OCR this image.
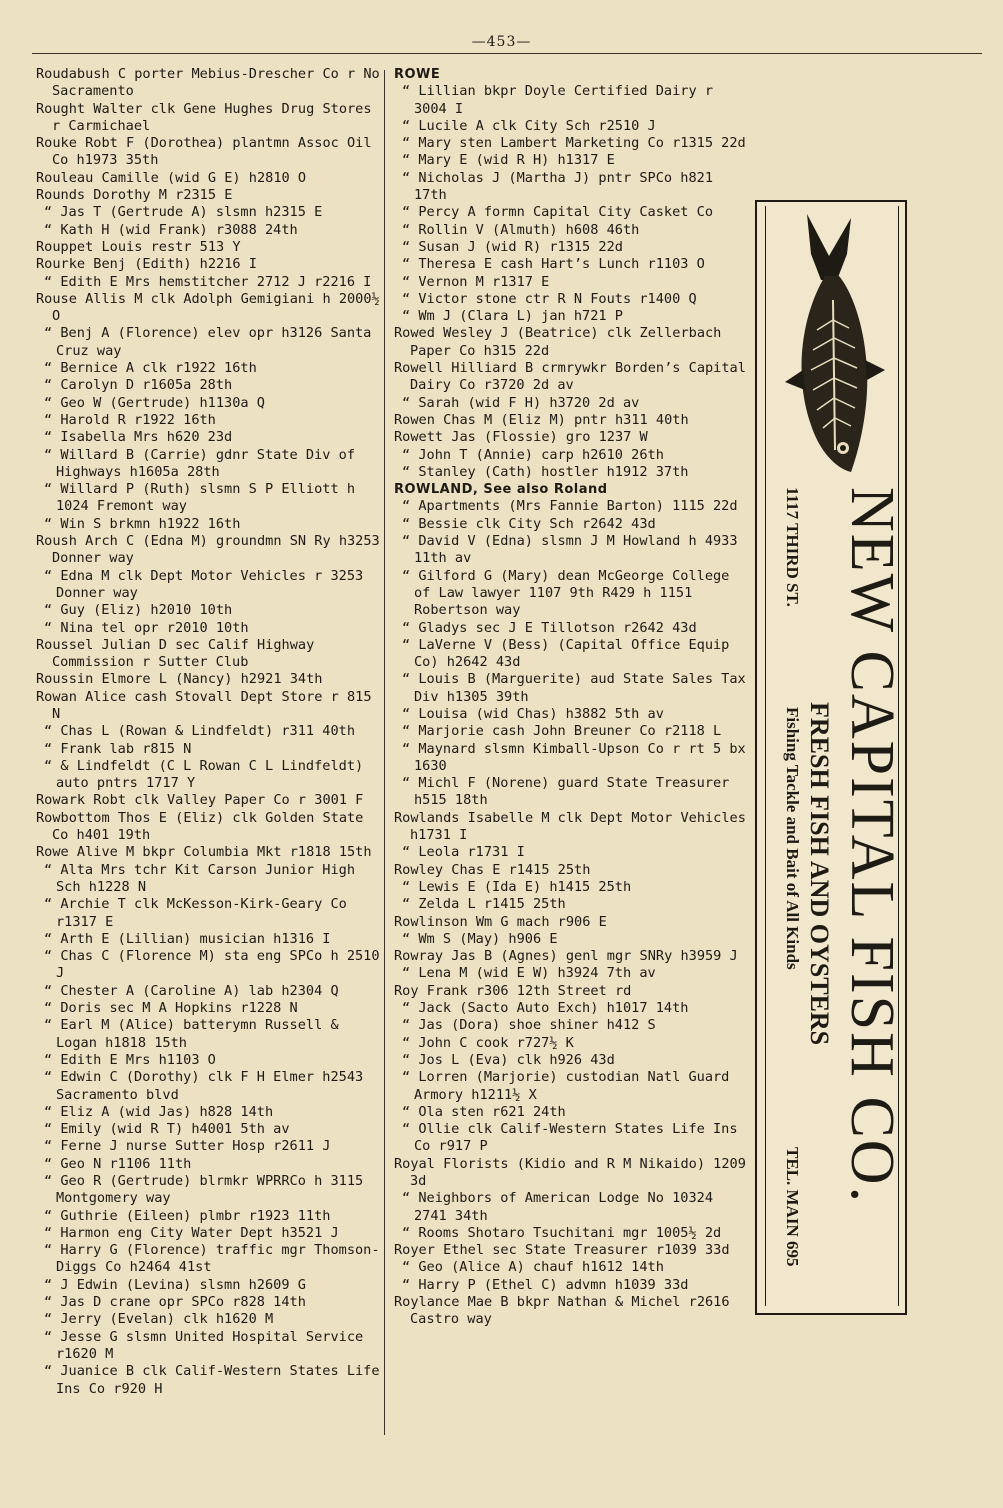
—453—
Roudabush C porter Mebius-Drescher Co r No Sacramento
Rought Walter clk Gene Hughes Drug Stores r Carmichael
Rouke Robt F (Dorothea) plantmn Assoc Oil Co h1973 35th
Rouleau Camille (wid G E) h2810 O
Rounds Dorothy M r2315 E
“ Jas T (Gertrude A) slsmn h2315 E
“ Kath H (wid Frank) r3088 24th
Rouppet Louis restr 513 Y
Rourke Benj (Edith) h2216 I
“ Edith E Mrs hemstitcher 2712 J r2216 I
Rouse Allis M clk Adolph Gemigiani h 2000½ O
“ Benj A (Florence) elev opr h3126 Santa Cruz way
“ Bernice A clk r1922 16th
“ Carolyn D r1605a 28th
“ Geo W (Gertrude) h1130a Q
“ Harold R r1922 16th
“ Isabella Mrs h620 23d
“ Willard B (Carrie) gdnr State Div of Highways h1605a 28th
“ Willard P (Ruth) slsmn S P Elliott h 1024 Fremont way
“ Win S brkmn h1922 16th
Roush Arch C (Edna M) groundmn SN Ry h3253 Donner way
“ Edna M clk Dept Motor Vehicles r 3253 Donner way
“ Guy (Eliz) h2010 10th
“ Nina tel opr r2010 10th
Roussel Julian D sec Calif Highway Commission r Sutter Club
Roussin Elmore L (Nancy) h2921 34th
Rowan Alice cash Stovall Dept Store r 815 N
“ Chas L (Rowan & Lindfeldt) r311 40th
“ Frank lab r815 N
“ & Lindfeldt (C L Rowan C L Lindfeldt) auto pntrs 1717 Y
Rowark Robt clk Valley Paper Co r 3001 F
Rowbottom Thos E (Eliz) clk Golden State Co h401 19th
Rowe Alive M bkpr Columbia Mkt r1818 15th
“ Alta Mrs tchr Kit Carson Junior High Sch h1228 N
“ Archie T clk McKesson-Kirk-Geary Co r1317 E
“ Arth E (Lillian) musician h1316 I
“ Chas C (Florence M) sta eng SPCo h 2510 J
“ Chester A (Caroline A) lab h2304 Q
“ Doris sec M A Hopkins r1228 N
“ Earl M (Alice) batterymn Russell & Logan h1818 15th
“ Edith E Mrs h1103 O
“ Edwin C (Dorothy) clk F H Elmer h2543 Sacramento blvd
“ Eliz A (wid Jas) h828 14th
“ Emily (wid R T) h4001 5th av
“ Ferne J nurse Sutter Hosp r2611 J
“ Geo N r1106 11th
“ Geo R (Gertrude) blrmkr WPRRCo h 3115 Montgomery way
“ Guthrie (Eileen) plmbr r1923 11th
“ Harmon eng City Water Dept h3521 J
“ Harry G (Florence) traffic mgr Thomson-Diggs Co h2464 41st
“ J Edwin (Levina) slsmn h2609 G
“ Jas D crane opr SPCo r828 14th
“ Jerry (Evelan) clk h1620 M
“ Jesse G slsmn United Hospital Service r1620 M
“ Juanice B clk Calif-Western States Life Ins Co r920 H
ROWE
“ Lillian bkpr Doyle Certified Dairy r 3004 I
“ Lucile A clk City Sch r2510 J
“ Mary sten Lambert Marketing Co r1315 22d
“ Mary E (wid R H) h1317 E
“ Nicholas J (Martha J) pntr SPCo h821 17th
“ Percy A formn Capital City Casket Co
“ Rollin V (Almuth) h608 46th
“ Susan J (wid R) r1315 22d
“ Theresa E cash Hart’s Lunch r1103 O
“ Vernon M r1317 E
“ Victor stone ctr R N Fouts r1400 Q
“ Wm J (Clara L) jan h721 P
Rowed Wesley J (Beatrice) clk Zellerbach Paper Co h315 22d
Rowell Hilliard B crmrywkr Borden’s Capital Dairy Co r3720 2d av
“ Sarah (wid F H) h3720 2d av
Rowen Chas M (Eliz M) pntr h311 40th
Rowett Jas (Flossie) gro 1237 W
“ John T (Annie) carp h2610 26th
“ Stanley (Cath) hostler h1912 37th
ROWLAND, See also Roland
“ Apartments (Mrs Fannie Barton) 1115 22d
“ Bessie clk City Sch r2642 43d
“ David V (Edna) slsmn J M Howland h 4933 11th av
“ Gilford G (Mary) dean McGeorge College of Law lawyer 1107 9th R429 h 1151 Robertson way
“ Gladys sec J E Tillotson r2642 43d
“ LaVerne V (Bess) (Capital Office Equip Co) h2642 43d
“ Louis B (Marguerite) aud State Sales Tax Div h1305 39th
“ Louisa (wid Chas) h3882 5th av
“ Marjorie cash John Breuner Co r2118 L
“ Maynard slsmn Kimball-Upson Co r rt 5 bx 1630
“ Michl F (Norene) guard State Treasurer h515 18th
Rowlands Isabelle M clk Dept Motor Vehicles h1731 I
“ Leola r1731 I
Rowley Chas E r1415 25th
“ Lewis E (Ida E) h1415 25th
“ Zelda L r1415 25th
Rowlinson Wm G mach r906 E
“ Wm S (May) h906 E
Rowray Jas B (Agnes) genl mgr SNRy h3959 J
“ Lena M (wid E W) h3924 7th av
Roy Frank r306 12th Street rd
“ Jack (Sacto Auto Exch) h1017 14th
“ Jas (Dora) shoe shiner h412 S
“ John C cook r727½ K
“ Jos L (Eva) clk h926 43d
“ Lorren (Marjorie) custodian Natl Guard Armory h1211½ X
“ Ola sten r621 24th
“ Ollie clk Calif-Western States Life Ins Co r917 P
Royal Florists (Kidio and R M Nikaido) 1209 3d
“ Neighbors of American Lodge No 10324 2741 34th
“ Rooms Shotaro Tsuchitani mgr 1005½ 2d
Royer Ethel sec State Treasurer r1039 33d
“ Geo (Alice A) chauf h1612 14th
“ Harry P (Ethel C) advmn h1039 33d
Roylance Mae B bkpr Nathan & Michel r2616 Castro way
NEW CAPITAL FISH CO.
FRESH FISH AND OYSTERS
1117 THIRD ST.
Fishing Tackle and Bait of All Kinds
TEL. MAIN 695
